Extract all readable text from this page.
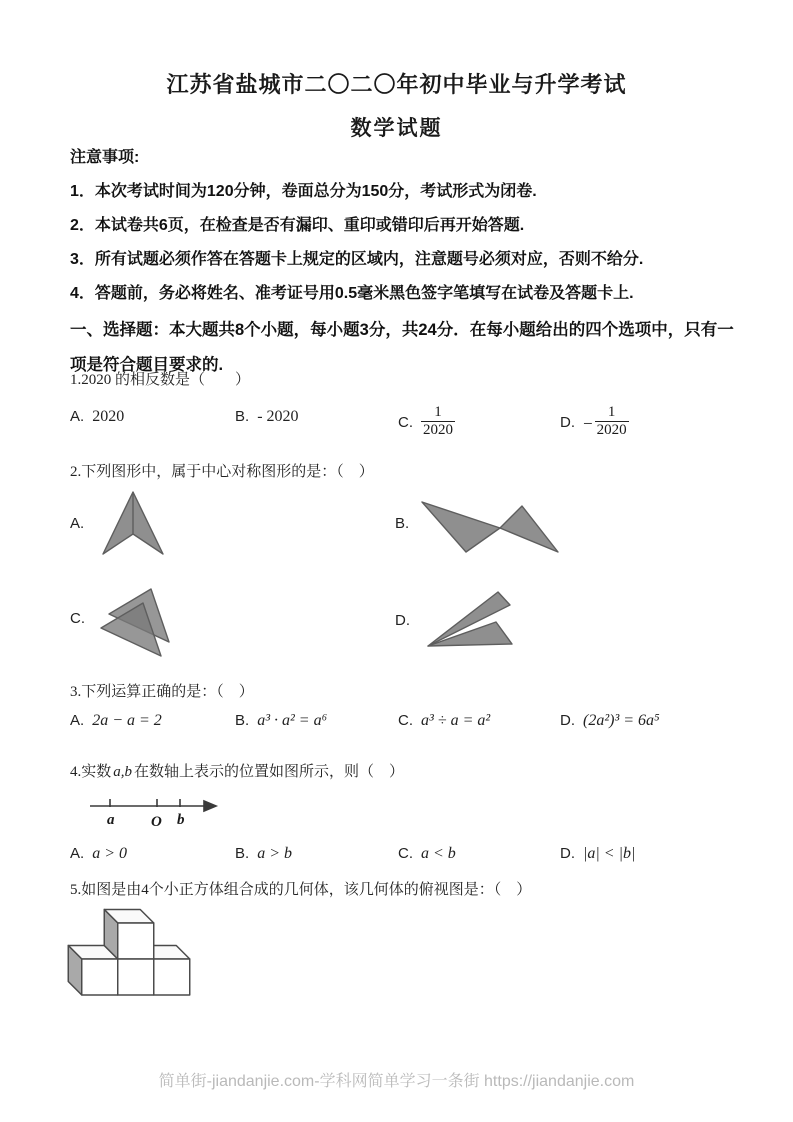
江苏省盐城市二〇二〇年初中毕业与升学考试
数学试题

注意事项:

1．本次考试时间为120分钟，卷面总分为150分，考试形式为闭卷.

2．本试卷共6页，在检查是否有漏印、重印或错印后再开始答题.

3．所有试题必须作答在答题卡上规定的区域内，注意题号必须对应，否则不给分.

4．答题前，务必将姓名、准考证号用0.5毫米黑色签字笔填写在试卷及答题卡上.

一、选择题：本大题共8个小题，每小题3分，共24分．在每小题给出的四个选项中，只有一项是符合题目要求的.
1.2020 的相反数是（　　）
A. 2020	B. - 2020	C. $\frac{1}{2020}$	D. − $\frac{1}{2020}$
2.下列图形中，属于中心对称图形的是：（　）
A.	B.
C.	D.
3.下列运算正确的是：（　）
A. 2a − a = 2	B. a³ · a² = a⁶	C. a³ ÷ a = a²	D. (2a²)³ = 6a⁵
4.实数 a,b 在数轴上表示的位置如图所示，则（　）
a O b
A. a > 0	B. a > b	C. a < b	D. |a| < |b|
5.如图是由4个小正方体组合成的几何体，该几何体的俯视图是：（　）
简单街-jiandanjie.com-学科网简单学习一条街 https://jiandanjie.com
